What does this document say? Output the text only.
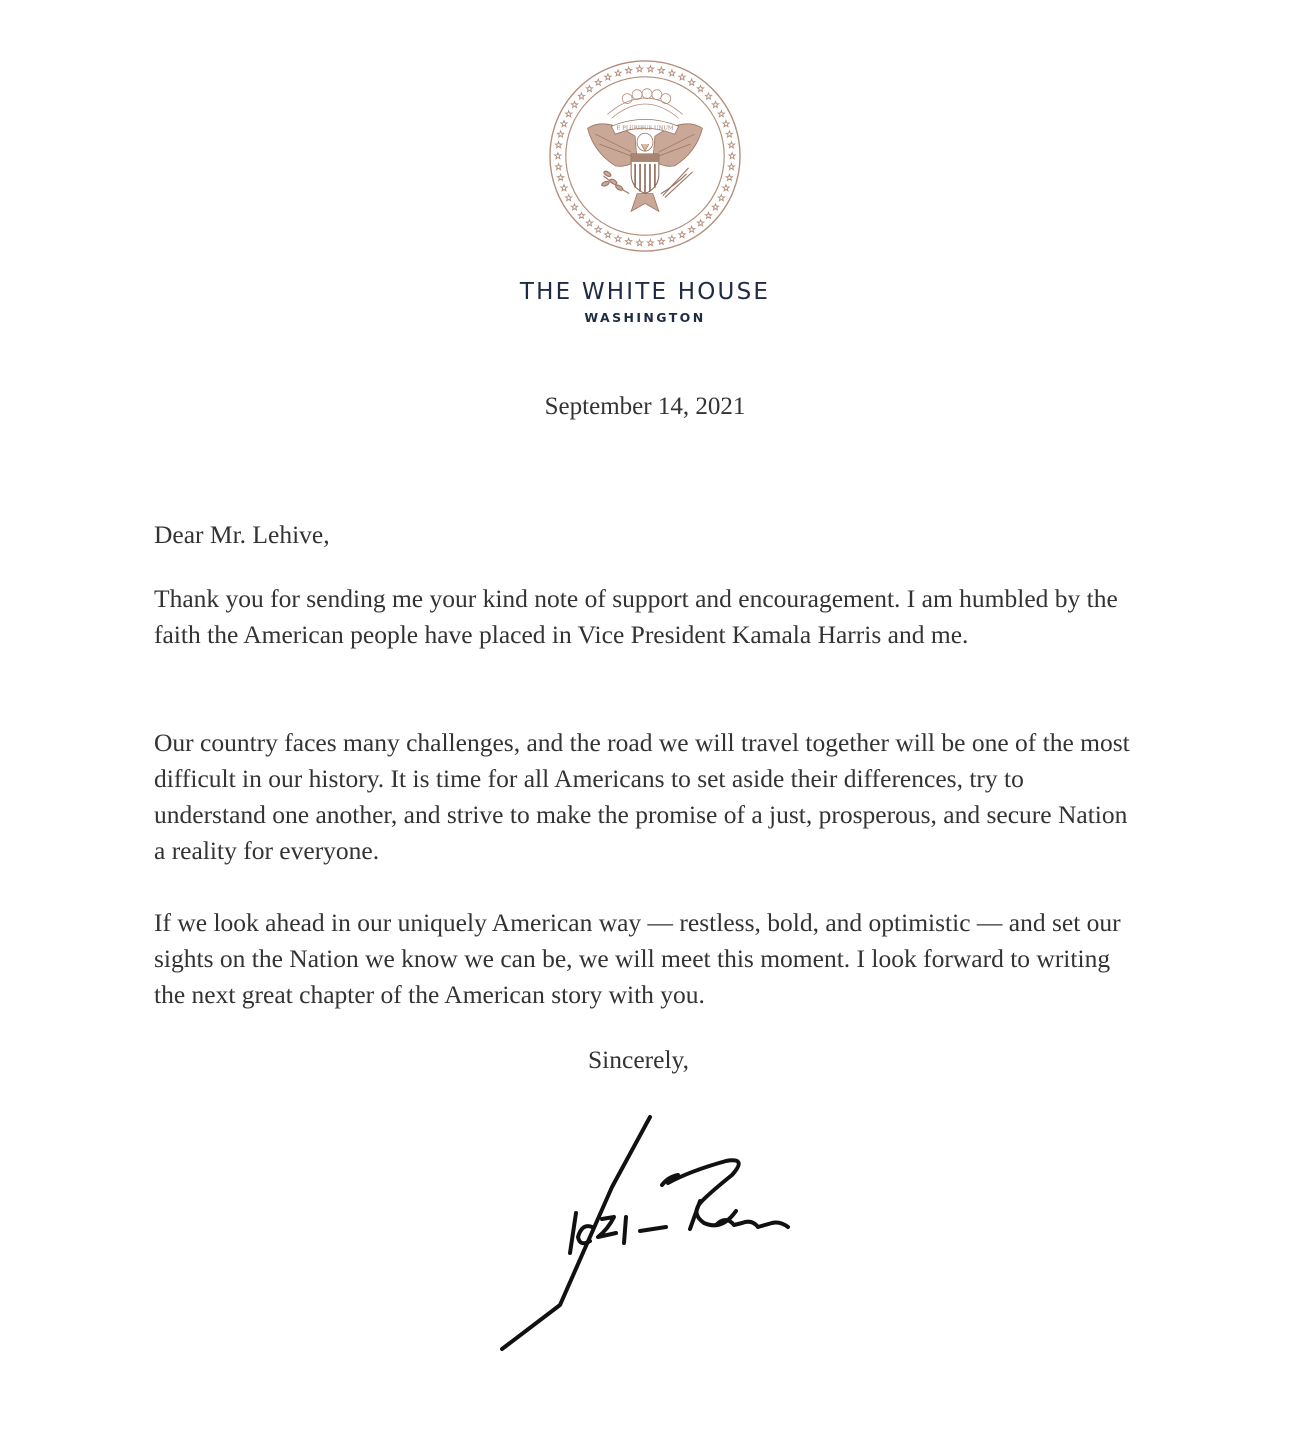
E PLURIBUS UNUM
THE WHITE HOUSE
WASHINGTON
September 14, 2021

Dear Mr. Lehive,

Thank you for sending me your kind note of support and encouragement. I am humbled by the faith the American people have placed in Vice President Kamala Harris and me.

Our country faces many challenges, and the road we will travel together will be one of the most difficult in our history. It is time for all Americans to set aside their differences, try to understand one another, and strive to make the promise of a just, prosperous, and secure Nation a reality for everyone.

If we look ahead in our uniquely American way — restless, bold, and optimistic — and set our sights on the Nation we know we can be, we will meet this moment. I look forward to writing the next great chapter of the American story with you.

Sincerely,
